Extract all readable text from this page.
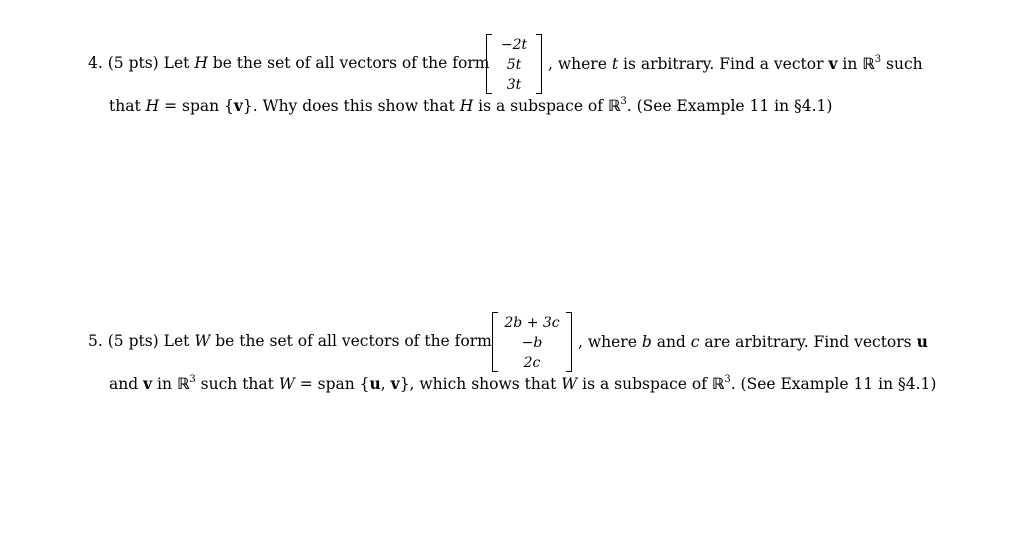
4. (5 pts) Let H be the set of all vectors of the form
−2t
5t
3t
, where t is arbitrary. Find a vector v in ℝ$^3$ such
that H = span {v}. Why does this show that H is a subspace of ℝ$^3$. (See Example 11 in §4.1)
5. (5 pts) Let W be the set of all vectors of the form
2b + 3c
−b
2c
, where b and c are arbitrary. Find vectors u
and v in ℝ$^3$ such that W = span {u, v}, which shows that W is a subspace of ℝ$^3$. (See Example 11 in §4.1)
